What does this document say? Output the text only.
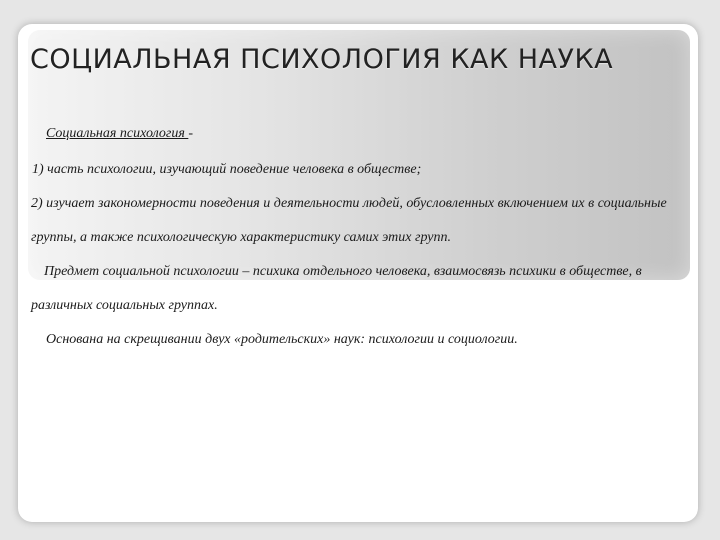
СОЦИАЛЬНАЯ ПСИХОЛОГИЯ КАК НАУКА
Социальная психология -
1) часть психологии, изучающий поведение человека в обществе;
2) изучает закономерности поведения и деятельности людей, обусловленных включением их в социальные
группы, а также психологическую характеристику самих этих групп.
Предмет социальной психологии – психика отдельного человека, взаимосвязь психики в обществе, в
различных социальных группах.
Основана на скрещивании двух «родительских» наук: психологии и социологии.
